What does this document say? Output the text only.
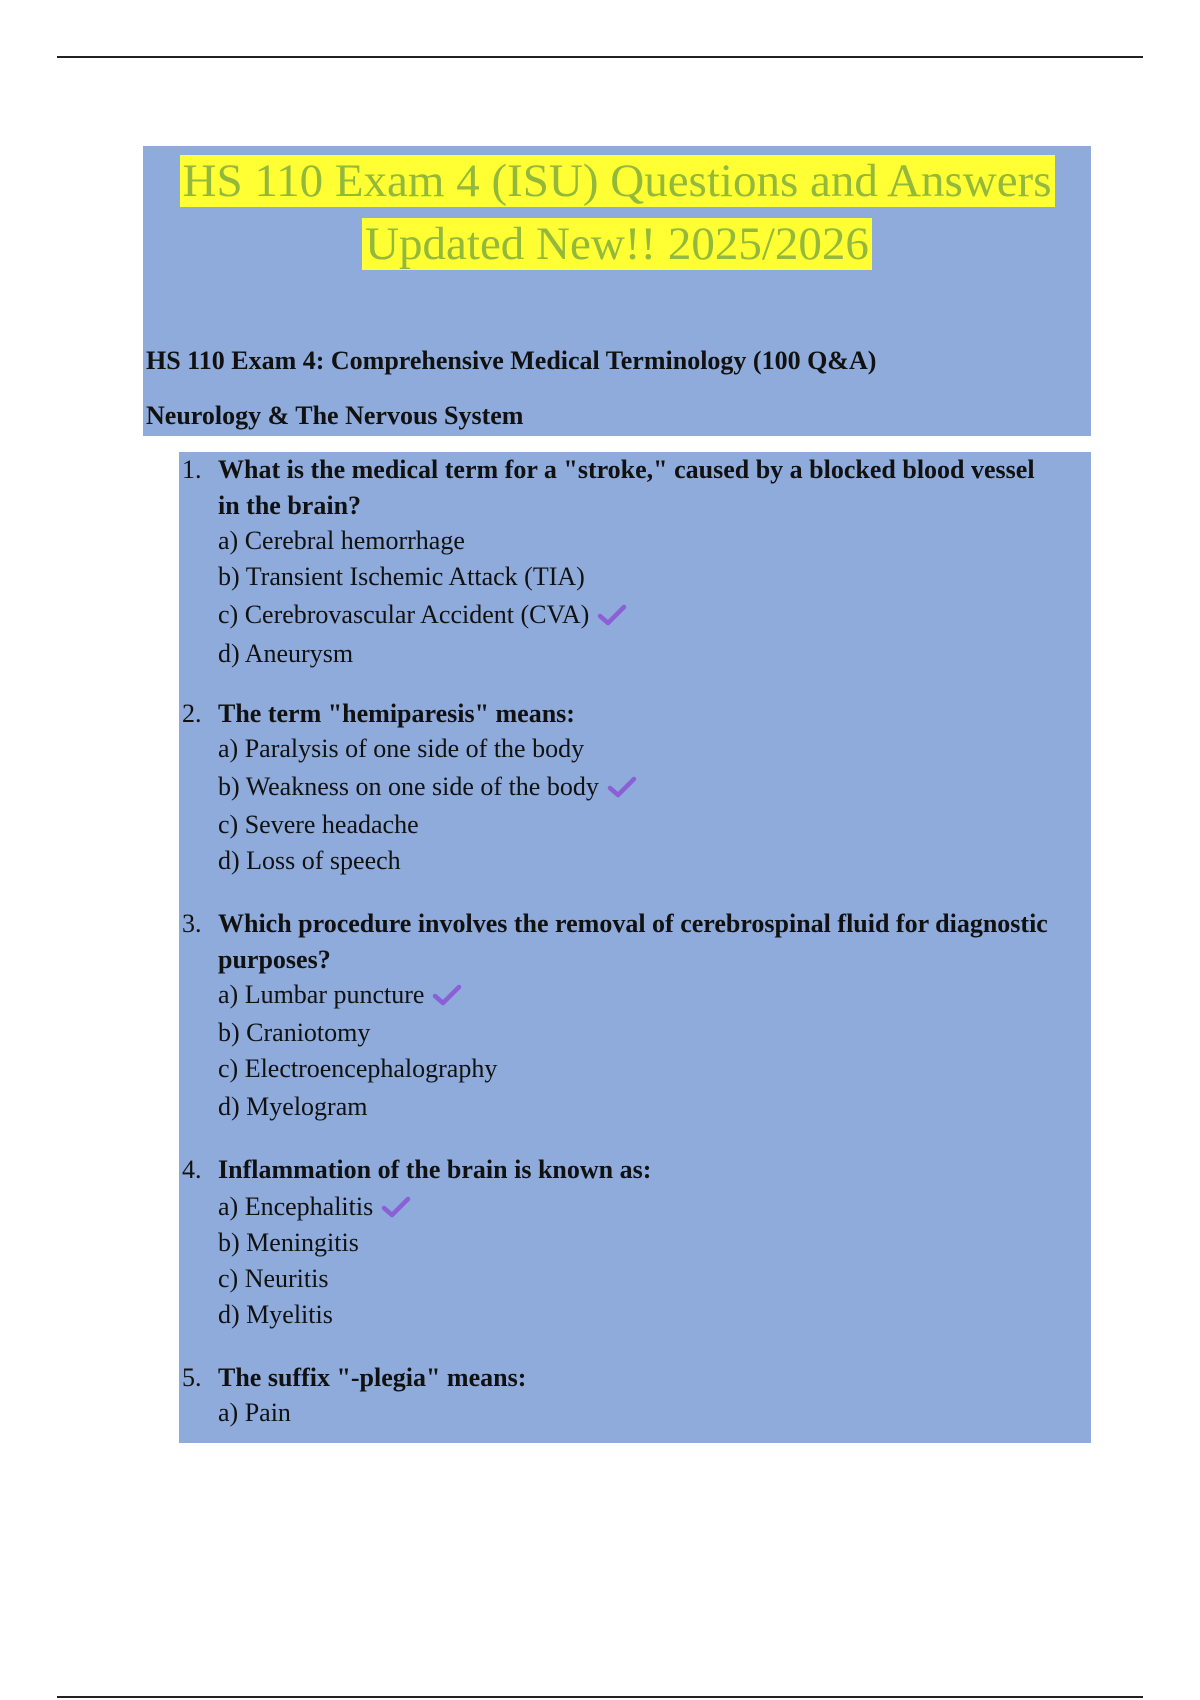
HS 110 Exam 4 (ISU) Questions and Answers
Updated New!! 2025/2026

HS 110 Exam 4: Comprehensive Medical Terminology (100 Q&A)

Neurology & The Nervous System

1. What is the medical term for a "stroke," caused by a blocked blood vessel in the brain?
a) Cerebral hemorrhage
b) Transient Ischemic Attack (TIA)
c) Cerebrovascular Accident (CVA)
d) Aneurysm
2. The term "hemiparesis" means:
a) Paralysis of one side of the body
b) Weakness on one side of the body
c) Severe headache
d) Loss of speech
3. Which procedure involves the removal of cerebrospinal fluid for diagnostic purposes?
a) Lumbar puncture
b) Craniotomy
c) Electroencephalography
d) Myelogram
4. Inflammation of the brain is known as:
a) Encephalitis
b) Meningitis
c) Neuritis
d) Myelitis
5. The suffix "-plegia" means:
a) Pain
